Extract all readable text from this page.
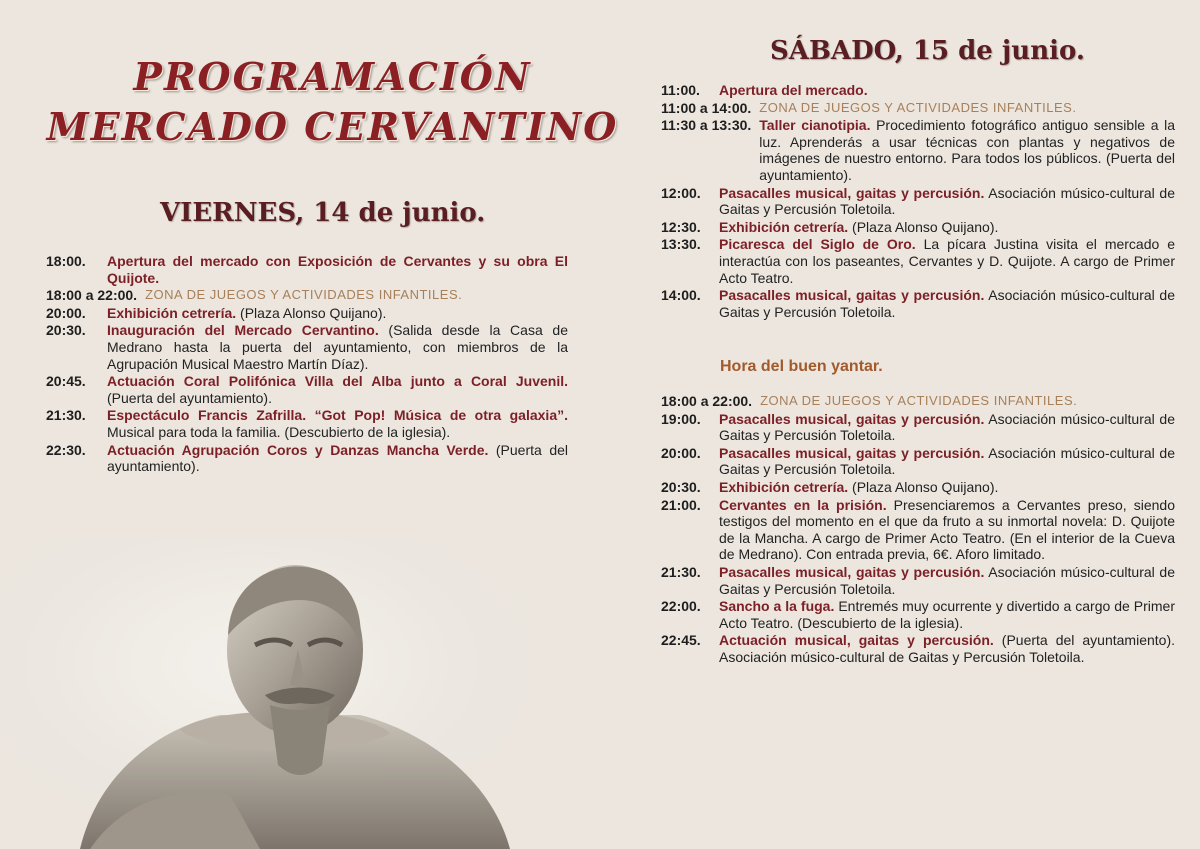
PROGRAMACIÓN
MERCADO CERVANTINO
VIERNES, 14 de junio.
18:00.	Apertura del mercado con Exposición de Cervantes y su obra El Quijote.
18:00 a 22:00. ZONA DE JUEGOS Y ACTIVIDADES INFANTILES.
20:00.	Exhibición cetrería. (Plaza Alonso Quijano).
20:30.	Inauguración del Mercado Cervantino. (Salida desde la Casa de Medrano hasta la puerta del ayuntamiento, con miembros de la Agrupación Musical Maestro Martín Díaz).
20:45.	Actuación Coral Polifónica Villa del Alba junto a Coral Juvenil. (Puerta del ayuntamiento).
21:30.	Espectáculo Francis Zafrilla. “Got Pop! Música de otra galaxia”. Musical para toda la familia. (Descubierto de la iglesia).
22:30.	Actuación Agrupación Coros y Danzas Mancha Verde. (Puerta del ayuntamiento).
SÁBADO, 15 de junio.
11:00.	Apertura del mercado.
11:00 a 14:00. ZONA DE JUEGOS Y ACTIVIDADES INFANTILES.
11:30 a 13:30. Taller cianotipia. Procedimiento fotográfico antiguo sensible a la luz. Aprenderás a usar técnicas con plantas y negativos de imágenes de nuestro entorno. Para todos los públicos. (Puerta del ayuntamiento).
12:00.	Pasacalles musical, gaitas y percusión. Asociación músico-cultural de Gaitas y Percusión Toletoila.
12:30.	Exhibición cetrería. (Plaza Alonso Quijano).
13:30.	Picaresca del Siglo de Oro. La pícara Justina visita el mercado e interactúa con los paseantes, Cervantes y D. Quijote. A cargo de Primer Acto Teatro.
14:00.	Pasacalles musical, gaitas y percusión. Asociación músico-cultural de Gaitas y Percusión Toletoila.
Hora del buen yantar.
18:00 a 22:00. ZONA DE JUEGOS Y ACTIVIDADES INFANTILES.
19:00.	Pasacalles musical, gaitas y percusión. Asociación músico-cultural de Gaitas y Percusión Toletoila.
20:00.	Pasacalles musical, gaitas y percusión. Asociación músico-cultural de Gaitas y Percusión Toletoila.
20:30.	Exhibición cetrería. (Plaza Alonso Quijano).
21:00.	Cervantes en la prisión. Presenciaremos a Cervantes preso, siendo testigos del momento en el que da fruto a su inmortal novela: D. Quijote de la Mancha. A cargo de Primer Acto Teatro. (En el interior de la Cueva de Medrano). Con entrada previa, 6€. Aforo limitado.
21:30.	Pasacalles musical, gaitas y percusión. Asociación músico-cultural de Gaitas y Percusión Toletoila.
22:00.	Sancho a la fuga. Entremés muy ocurrente y divertido a cargo de Primer Acto Teatro. (Descubierto de la iglesia).
22:45.	Actuación musical, gaitas y percusión. (Puerta del ayuntamiento). Asociación músico-cultural de Gaitas y Percusión Toletoila.
